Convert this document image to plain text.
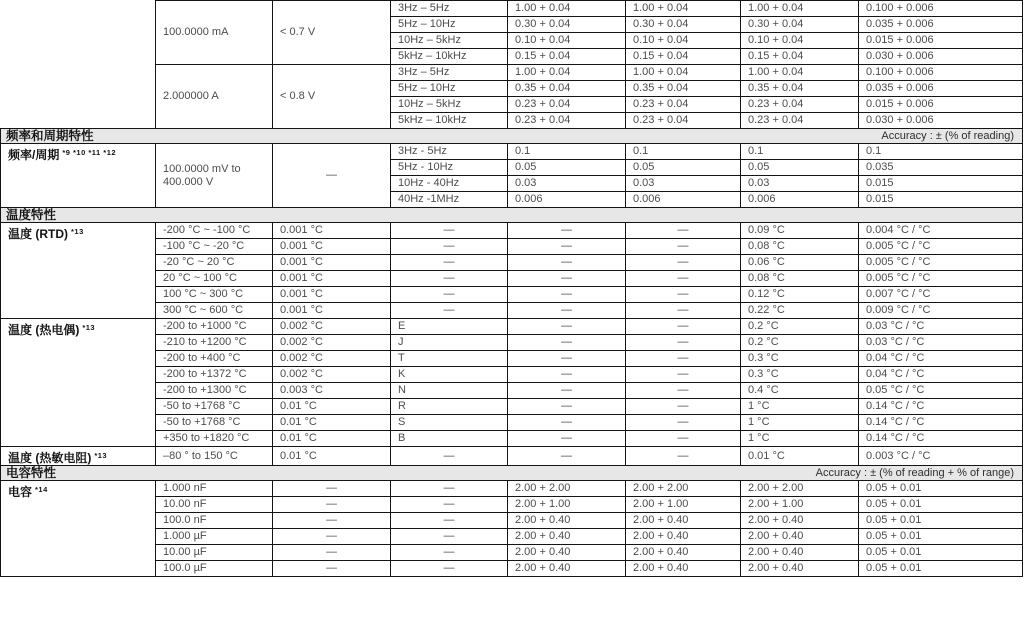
	100.0000 mA	< 0.7 V	3Hz – 5Hz	1.00 + 0.04	1.00 + 0.04	1.00 + 0.04	0.100 + 0.006
			5Hz – 10Hz	0.30 + 0.04	0.30 + 0.04	0.30 + 0.04	0.035 + 0.006
			10Hz – 5kHz	0.10 + 0.04	0.10 + 0.04	0.10 + 0.04	0.015 + 0.006
			5kHz – 10kHz	0.15 + 0.04	0.15 + 0.04	0.15 + 0.04	0.030 + 0.006
	2.000000 A	< 0.8 V	3Hz – 5Hz	1.00 + 0.04	1.00 + 0.04	1.00 + 0.04	0.100 + 0.006
			5Hz – 10Hz	0.35 + 0.04	0.35 + 0.04	0.35 + 0.04	0.035 + 0.006
			10Hz – 5kHz	0.23 + 0.04	0.23 + 0.04	0.23 + 0.04	0.015 + 0.006
			5kHz – 10kHz	0.23 + 0.04	0.23 + 0.04	0.23 + 0.04	0.030 + 0.006

频率和周期特性 Accuracy : ± (% of reading)							

频率/周期 $^{*9 *10 *11 *12}$	100.0000 mV to
400.000 V	—	3Hz - 5Hz	0.1	0.1	0.1	0.1
			5Hz - 10Hz	0.05	0.05	0.05	0.035
			10Hz - 40Hz	0.03	0.03	0.03	0.015
			40Hz -1MHz	0.006	0.006	0.006	0.015

温度特性							

温度 (RTD) $^{*13}$	-200 °C ~ -100 °C	0.001 °C	—	—	—	0.09 °C	0.004 °C / °C
	-100 °C ~ -20 °C	0.001 °C	—	—	—	0.08 °C	0.005 °C / °C
	-20 °C ~ 20 °C	0.001 °C	—	—	—	0.06 °C	0.005 °C / °C
	20 °C ~ 100 °C	0.001 °C	—	—	—	0.08 °C	0.005 °C / °C
	100 °C ~ 300 °C	0.001 °C	—	—	—	0.12 °C	0.007 °C / °C
	300 °C ~ 600 °C	0.001 °C	—	—	—	0.22 °C	0.009 °C / °C
温度 (热电偶) $^{*13}$	-200 to +1000 °C	0.002 °C	E	—	—	0.2 °C	0.03 °C / °C
	-210 to +1200 °C	0.002 °C	J	—	—	0.2 °C	0.03 °C / °C
	-200 to +400 °C	0.002 °C	T	—	—	0.3 °C	0.04 °C / °C
	-200 to +1372 °C	0.002 °C	K	—	—	0.3 °C	0.04 °C / °C
	-200 to +1300 °C	0.003 °C	N	—	—	0.4 °C	0.05 °C / °C
	-50 to +1768 °C	0.01 °C	R	—	—	1 °C	0.14 °C / °C
	-50 to +1768 °C	0.01 °C	S	—	—	1 °C	0.14 °C / °C
	+350 to +1820 °C	0.01 °C	B	—	—	1 °C	0.14 °C / °C
温度 (热敏电阻) $^{*13}$	–80 ° to 150 °C	0.01 °C	—	—	—	0.01 °C	0.003 °C / °C

电容特性 Accuracy : ± (% of reading + % of range)							

电容 $^{*14}$	1.000 nF	—	—	2.00 + 2.00	2.00 + 2.00	2.00 + 2.00	0.05 + 0.01
	10.00 nF	—	—	2.00 + 1.00	2.00 + 1.00	2.00 + 1.00	0.05 + 0.01
	100.0 nF	—	—	2.00 + 0.40	2.00 + 0.40	2.00 + 0.40	0.05 + 0.01
	1.000 µF	—	—	2.00 + 0.40	2.00 + 0.40	2.00 + 0.40	0.05 + 0.01
	10.00 µF	—	—	2.00 + 0.40	2.00 + 0.40	2.00 + 0.40	0.05 + 0.01
	100.0 µF	—	—	2.00 + 0.40	2.00 + 0.40	2.00 + 0.40	0.05 + 0.01
